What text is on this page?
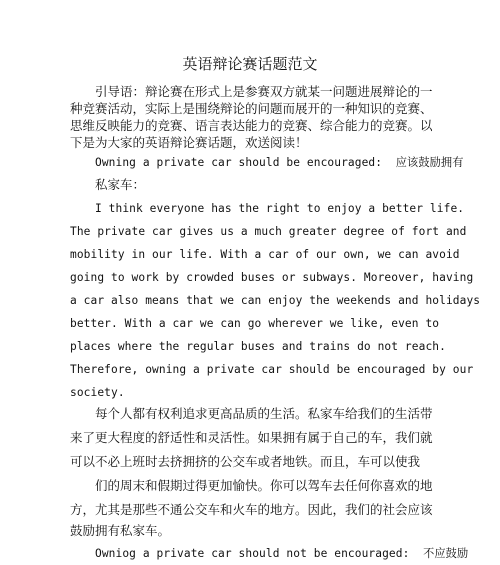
英语辩论赛话题范文
引导语：辩论赛在形式上是参赛双方就某一问题进展辩论的一
种竞赛活动，实际上是围绕辩论的问题而展开的一种知识的竞赛、
思维反映能力的竞赛、语言表达能力的竞赛、综合能力的竞赛。以
下是为大家的英语辩论赛话题，欢送阅读！
Owning a private car should be encouraged:  应该鼓励拥有
私家车：
I think everyone has the right to enjoy a better life.
The private car gives us a much greater degree of fort and
mobility in our life. With a car of our own, we can avoid
going to work by crowded buses or subways. Moreover, having
a car also means that we can enjoy the weekends and holidays
better. With a car we can go wherever we like, even to
places where the regular buses and trains do not reach.
Therefore, owning a private car should be encouraged by our
society.
每个人都有权利追求更高品质的生活。私家车给我们的生活带
来了更大程度的舒适性和灵活性。如果拥有属于自己的车，我们就
可以不必上班时去挤拥挤的公交车或者地铁。而且，车可以使我
们的周末和假期过得更加愉快。你可以驾车去任何你喜欢的地
方，尤其是那些不通公交车和火车的地方。因此，我们的社会应该
鼓励拥有私家车。
Owniog a private car should not be encouraged:  不应鼓励
